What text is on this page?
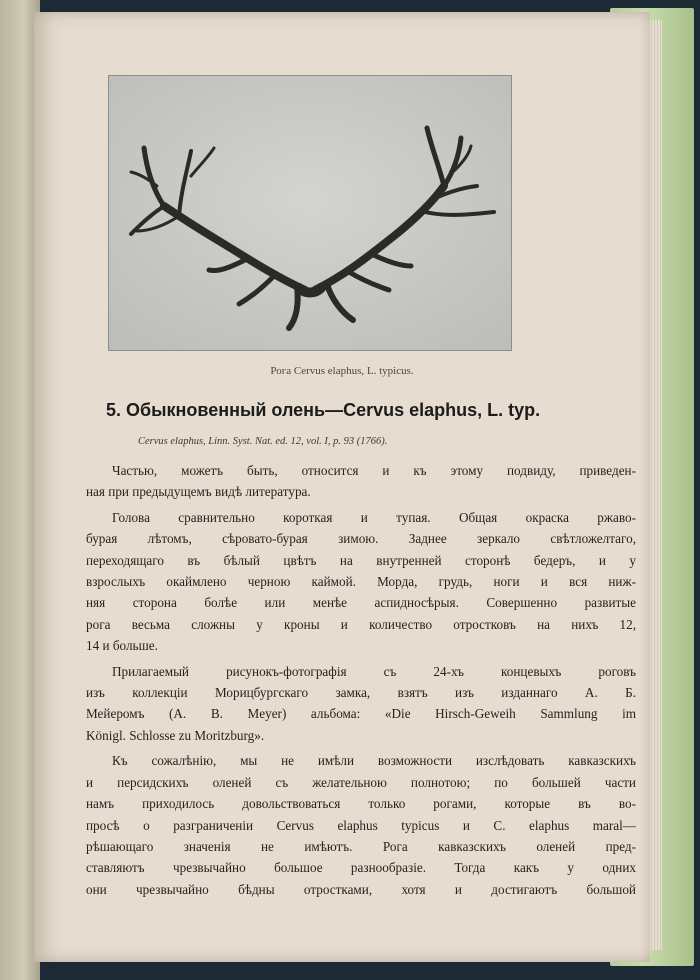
Рога Cervus elaphus, L. typicus.
5. Обыкновенный олень—Cervus elaphus, L. typ.
Cervus elaphus, Linn. Syst. Nat. ed. 12, vol. I, p. 93 (1766).
Частью, можетъ быть, относится и къ этому подвиду, приведен-
ная при предыдущемъ видѣ литература.
Голова сравнительно короткая и тупая. Общая окраска ржаво-
бурая лѣтомъ, сѣровато-бурая зимою. Заднее зеркало свѣтложелтаго,
переходящаго въ бѣлый цвѣтъ на внутренней сторонѣ бедеръ, и у
взрослыхъ окаймлено черною каймой. Морда, грудь, ноги и вся ниж-
няя сторона болѣе или менѣе аспидносѣрыя. Совершенно развитые
рога весьма сложны у кроны и количество отростковъ на нихъ 12,
14 и больше.
Прилагаемый рисунокъ-фотографія съ 24-хъ концевыхъ роговъ
изъ коллекціи Морицбургскаго замка, взятъ изъ изданнаго А. Б.
Мейеромъ (A. B. Meyer) альбома: «Die Hirsch-Geweih Sammlung im
Königl. Schlosse zu Moritzburg».
Къ сожалѣнію, мы не имѣли возможности изслѣдовать кавказскихъ
и персидскихъ оленей съ желательною полнотою; по большей части
намъ приходилось довольствоваться только рогами, которые въ во-
просѣ о разграниченіи Cervus elaphus typicus и C. elaphus maral—
рѣшающаго значенія не имѣютъ. Рога кавказскихъ оленей пред-
ставляютъ чрезвычайно большое разнообразіе. Тогда какъ у одних
они чрезвычайно бѣдны отростками, хотя и достигаютъ большой
